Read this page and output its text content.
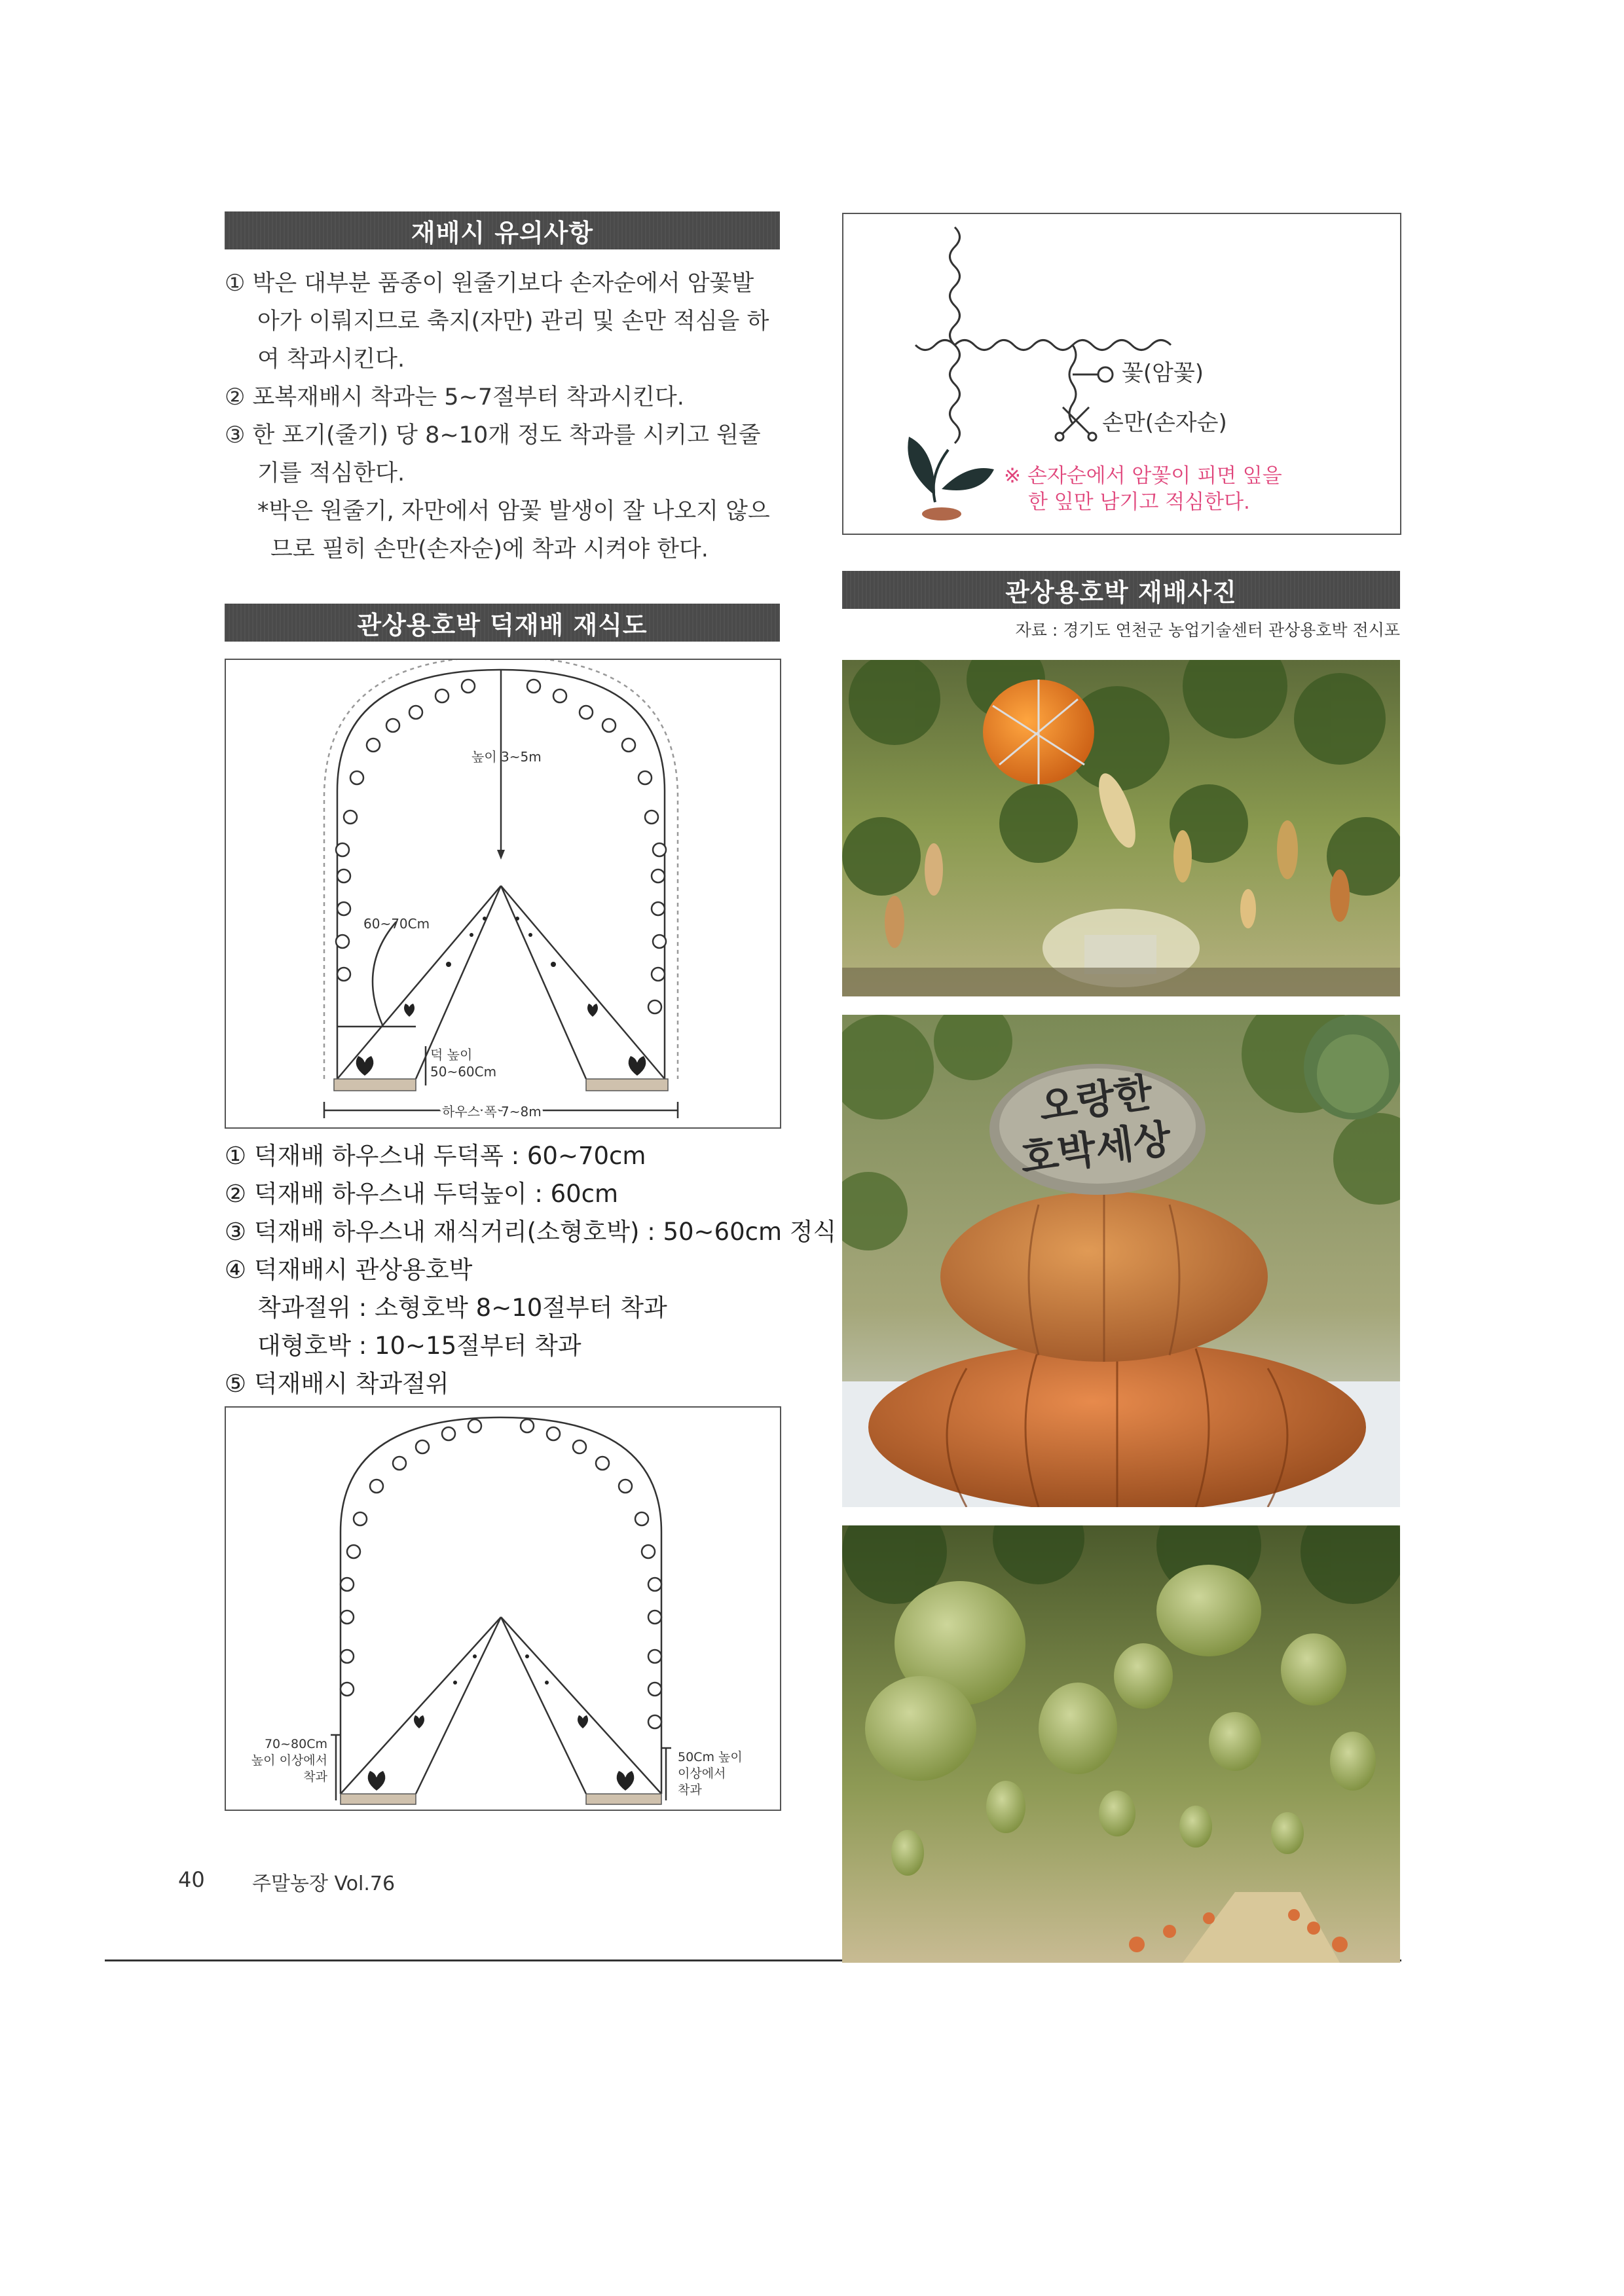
재배시 유의사항

① 박은 대부분 품종이 원줄기보다 손자순에서 암꽃발

아가 이뤄지므로 축지(자만) 관리 및 손만 적심을 하

여 착과시킨다.

② 포복재배시 착과는 5~7절부터 착과시킨다.

③ 한 포기(줄기) 당 8~10개 정도 착과를 시키고 원줄

기를 적심한다.

*박은 원줄기, 자만에서 암꽃 발생이 잘 나오지 않으

므로 필히 손만(손자순)에 착과 시켜야 한다.

관상용호박 덕재배 재식도
높이 3~5m
60~70Cm
덕 높이
50~60Cm
하우스 폭 7~8m

① 덕재배 하우스내 두덕폭 : 60~70cm

② 덕재배 하우스내 두덕높이 : 60cm

③ 덕재배 하우스내 재식거리(소형호박) : 50~60cm 정식

④ 덕재배시 관상용호박

착과절위 : 소형호박 8~10절부터 착과

대형호박 : 10~15절부터 착과

⑤ 덕재배시 착과절위

70~80Cm
높이 이상에서
착과
50Cm 높이
이상에서
착과
40 주말농장 Vol.76
꽃(암꽃)
손만(손자순)
※ 손자순에서 암꽃이 피면 잎을
한 잎만 남기고 적심한다.
관상용호박 재배사진
자료 : 경기도 연천군 농업기술센터 관상용호박 전시포
오랑한
호박세상
